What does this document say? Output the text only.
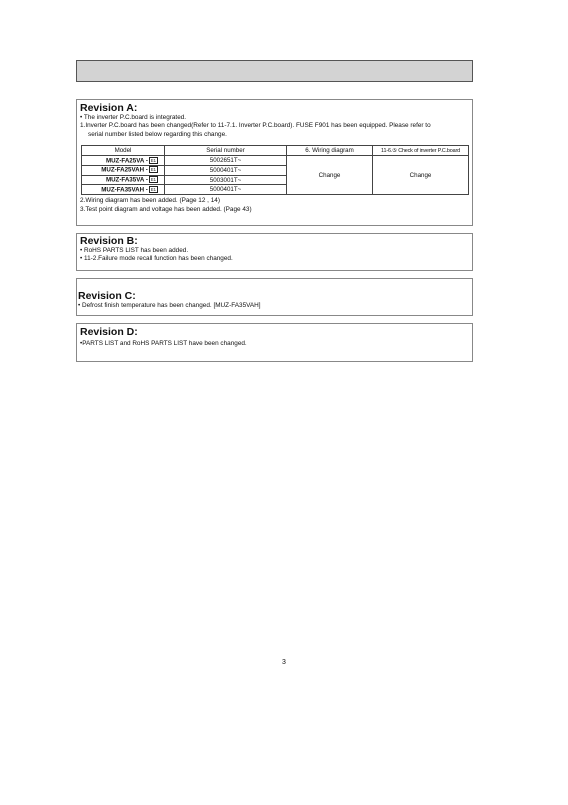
Revision A:
• The inverter P.C.board is integrated.
1.Inverter P.C.board has been changed(Refer to 11-7.1. Inverter P.C.board). FUSE F901 has been equipped. Please refer to
serial number listed below regarding this change.
Model	Serial number	6. Wiring diagram	11-6.⑤ Check of inverter P.C.board
MUZ-FA25VA - E1	5002651T~	Change	Change
MUZ-FA25VAH - E1	5000401T~		
MUZ-FA35VA - E1	5003001T~		
MUZ-FA35VAH - E1	5000401T~		
2.Wiring diagram has been added. (Page 12 , 14)
3.Test point diagram and voltage has been added. (Page 43)
Revision B:
• RoHS PARTS LIST has been added.
• 11-2.Failure mode recall function has been changed.
Revision C:
• Defrost finish temperature has been changed. [MUZ-FA35VAH]
Revision D:
•PARTS LIST and RoHS PARTS LIST have been changed.
3
